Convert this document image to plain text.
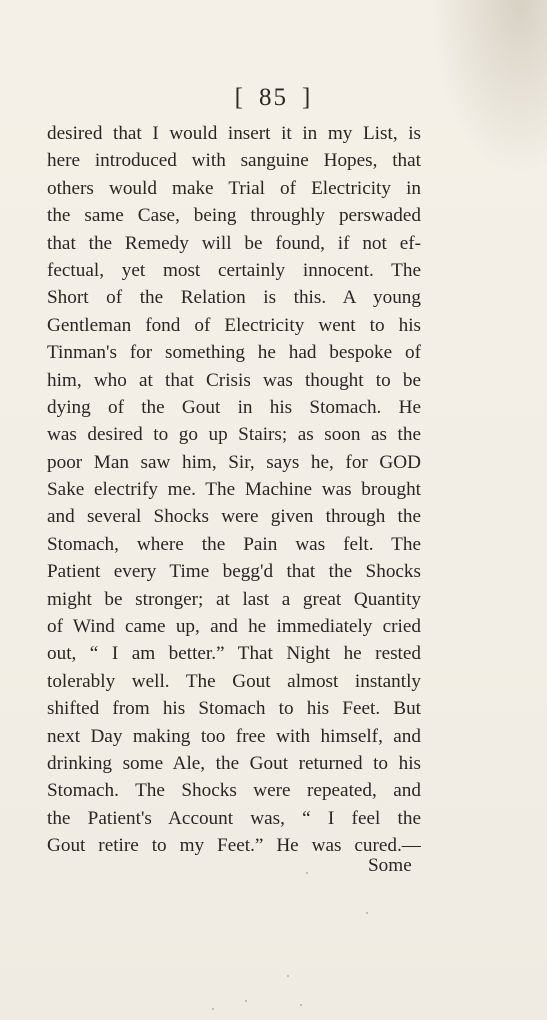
[ 85 ]
desired that I would insert it in my List, is
here introduced with sanguine Hopes, that
others would make Trial of Electricity in
the same Case, being throughly perswaded
that the Remedy will be found, if not ef-
fectual, yet most certainly innocent. The
Short of the Relation is this. A young
Gentleman fond of Electricity went to his
Tinman's for something he had bespoke of
him, who at that Crisis was thought to be
dying of the Gout in his Stomach. He
was desired to go up Stairs; as soon as the
poor Man saw him, Sir, says he, for GOD
Sake electrify me. The Machine was brought
and several Shocks were given through the
Stomach, where the Pain was felt. The
Patient every Time begg'd that the Shocks
might be stronger; at last a great Quantity
of Wind came up, and he immediately cried
out, “ I am better.” That Night he rested
tolerably well. The Gout almost instantly
shifted from his Stomach to his Feet. But
next Day making too free with himself, and
drinking some Ale, the Gout returned to his
Stomach. The Shocks were repeated, and
the Patient's Account was, “ I feel the
Gout retire to my Feet.” He was cured.—
Some
